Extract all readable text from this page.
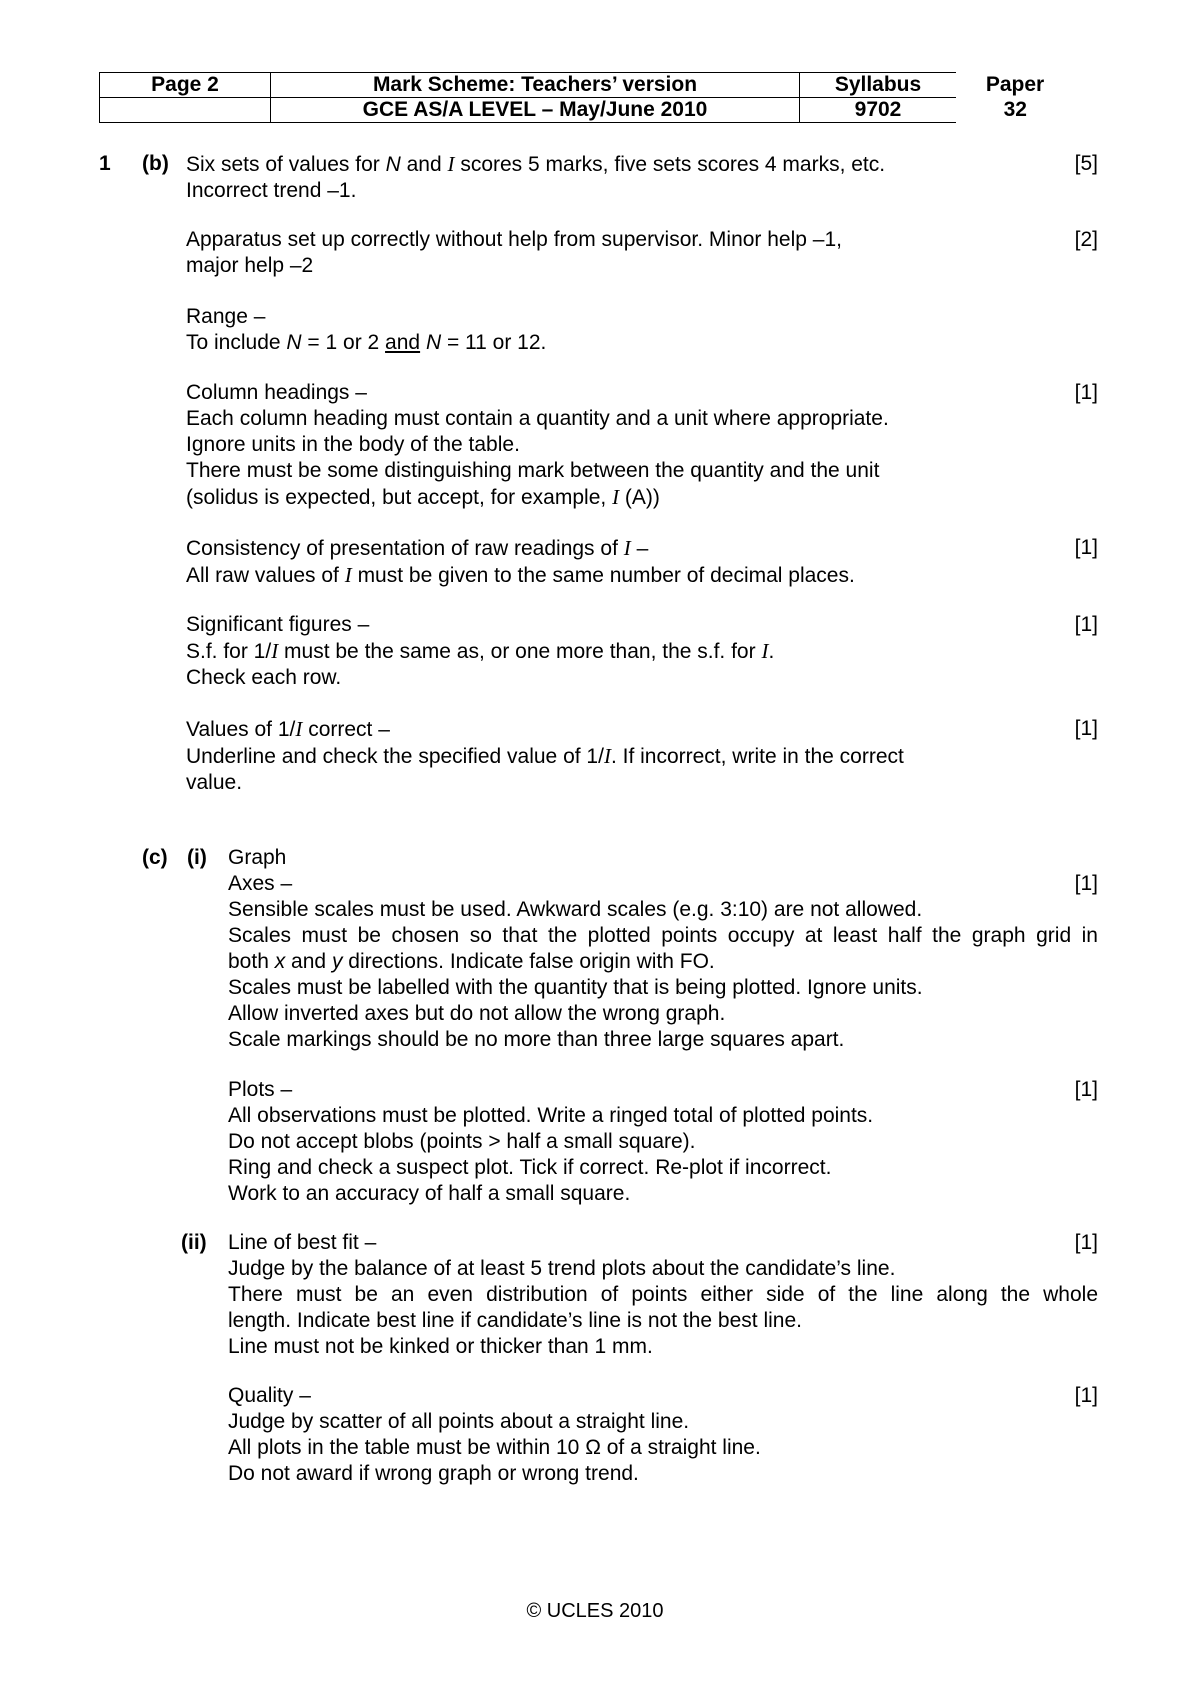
Page 2	Mark Scheme: Teachers’ version	Syllabus	Paper
	GCE AS/A LEVEL – May/June 2010	9702	32
1 (b) Six sets of values for N and I scores 5 marks, five sets scores 4 marks, etc.
Incorrect trend –1.
[5]
Apparatus set up correctly without help from supervisor. Minor help –1,
major help –2
[2]
Range –
To include N = 1 or 2 and N = 11 or 12.
Column headings –
Each column heading must contain a quantity and a unit where appropriate.
Ignore units in the body of the table.
There must be some distinguishing mark between the quantity and the unit
(solidus is expected, but accept, for example, I (A))
[1]
Consistency of presentation of raw readings of I –
All raw values of I must be given to the same number of decimal places.
[1]
Significant figures –
S.f. for 1/I must be the same as, or one more than, the s.f. for I.
Check each row.
[1]
Values of 1/I correct –
Underline and check the specified value of 1/I. If incorrect, write in the correct
value.
[1]
(c) (i) Graph
Axes –
Sensible scales must be used. Awkward scales (e.g. 3:10) are not allowed.
Scales must be chosen so that the plotted points occupy at least half the graph grid in
both x and y directions. Indicate false origin with FO.
Scales must be labelled with the quantity that is being plotted. Ignore units.
Allow inverted axes but do not allow the wrong graph.
Scale markings should be no more than three large squares apart.
[1]
Plots –
All observations must be plotted. Write a ringed total of plotted points.
Do not accept blobs (points > half a small square).
Ring and check a suspect plot. Tick if correct. Re-plot if incorrect.
Work to an accuracy of half a small square.
[1]
(ii) Line of best fit –
Judge by the balance of at least 5 trend plots about the candidate’s line.
There must be an even distribution of points either side of the line along the whole
length. Indicate best line if candidate’s line is not the best line.
Line must not be kinked or thicker than 1 mm.
[1]
Quality –
Judge by scatter of all points about a straight line.
All plots in the table must be within 10 Ω of a straight line.
Do not award if wrong graph or wrong trend.
[1]
© UCLES 2010
